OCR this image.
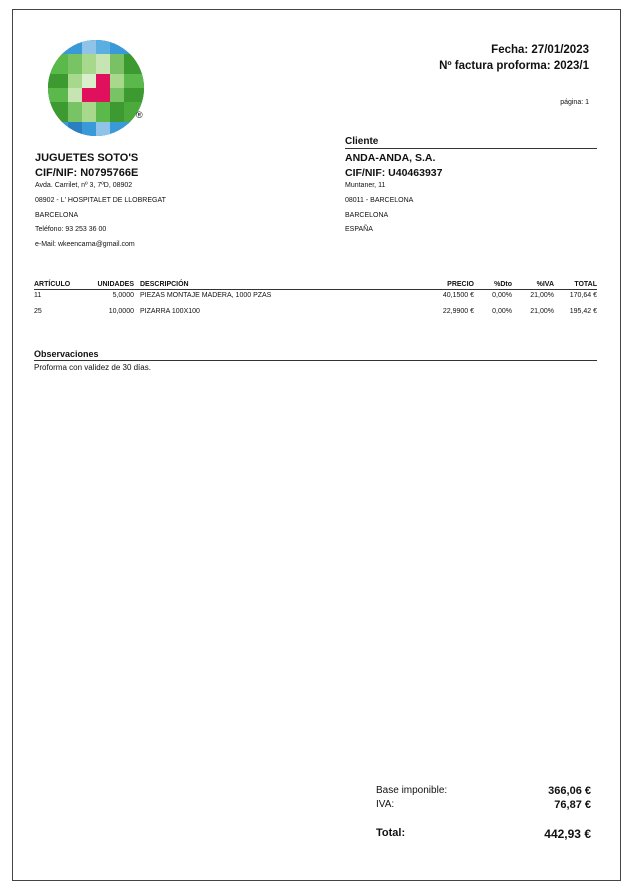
®
Fecha: 27/01/2023
Nº factura proforma: 2023/1
página: 1
JUGUETES SOTO'S
CIF/NIF: N0795766E
Avda. Carrilet, nº 3, 7ºD, 08902
08902 - L' HOSPITALET DE LLOBREGAT
BARCELONA
Teléfono: 93 253 36 00
e-Mail: wkeencarna@gmail.com
Cliente
ANDA-ANDA, S.A.
CIF/NIF: U40463937
Muntaner, 11
08011 - BARCELONA
BARCELONA
ESPAÑA
ARTÍCULO	UNIDADES	DESCRIPCIÓN	PRECIO	%Dto	%IVA	TOTAL
11	5,0000	PIEZAS MONTAJE MADERA, 1000 PZAS	40,1500 €	0,00%	21,00%	170,64 €
25	10,0000	PIZARRA 100X100	22,9900 €	0,00%	21,00%	195,42 €
Observaciones
Proforma con validez de 30 días.
Base imponible:	366,06 €
IVA:	76,87 €
Total:	442,93 €
